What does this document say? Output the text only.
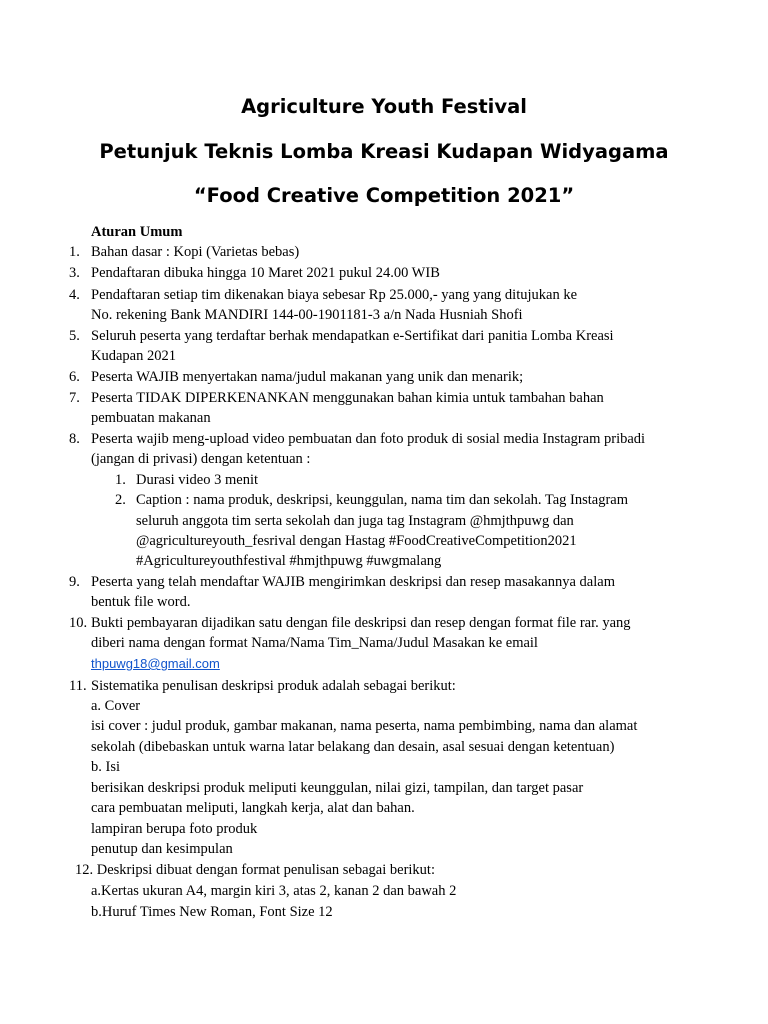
Agriculture Youth Festival
Petunjuk Teknis Lomba Kreasi Kudapan Widyagama
“Food Creative Competition 2021”
Aturan Umum
1. Bahan dasar : Kopi (Varietas bebas)
3. Pendaftaran dibuka hingga 10 Maret 2021 pukul 24.00 WIB
4. Pendaftaran setiap tim dikenakan biaya sebesar Rp 25.000,- yang yang ditujukan ke
No. rekening Bank MANDIRI 144-00-1901181-3 a/n Nada Husniah Shofi
5. Seluruh peserta yang terdaftar berhak mendapatkan e-Sertifikat dari panitia Lomba Kreasi
Kudapan 2021
6. Peserta WAJIB menyertakan nama/judul makanan yang unik dan menarik;
7. Peserta TIDAK DIPERKENANKAN menggunakan bahan kimia untuk tambahan bahan
pembuatan makanan
8. Peserta wajib meng-upload video pembuatan dan foto produk di sosial media Instagram pribadi
(jangan di privasi) dengan ketentuan :
1. Durasi video 3 menit
2. Caption : nama produk, deskripsi, keunggulan, nama tim dan sekolah. Tag Instagram
seluruh anggota tim serta sekolah dan juga tag Instagram @hmjthpuwg dan
@agricultureyouth_fesrival dengan Hastag #FoodCreativeCompetition2021
#Agricultureyouthfestival #hmjthpuwg #uwgmalang
9. Peserta yang telah mendaftar WAJIB mengirimkan deskripsi dan resep masakannya dalam
bentuk file word.
10. Bukti pembayaran dijadikan satu dengan file deskripsi dan resep dengan format file rar. yang
diberi nama dengan format Nama/Nama Tim_Nama/Judul Masakan ke email
thpuwg18@gmail.com
11. Sistematika penulisan deskripsi produk adalah sebagai berikut:
a. Cover
isi cover : judul produk, gambar makanan, nama peserta, nama pembimbing, nama dan alamat
sekolah (dibebaskan untuk warna latar belakang dan desain, asal sesuai dengan ketentuan)
b. Isi
berisikan deskripsi produk meliputi keunggulan, nilai gizi, tampilan, dan target pasar
cara pembuatan meliputi, langkah kerja, alat dan bahan.
lampiran berupa foto produk
penutup dan kesimpulan
12. Deskripsi dibuat dengan format penulisan sebagai berikut:
a.Kertas ukuran A4, margin kiri 3, atas 2, kanan 2 dan bawah 2
b.Huruf Times New Roman, Font Size 12
